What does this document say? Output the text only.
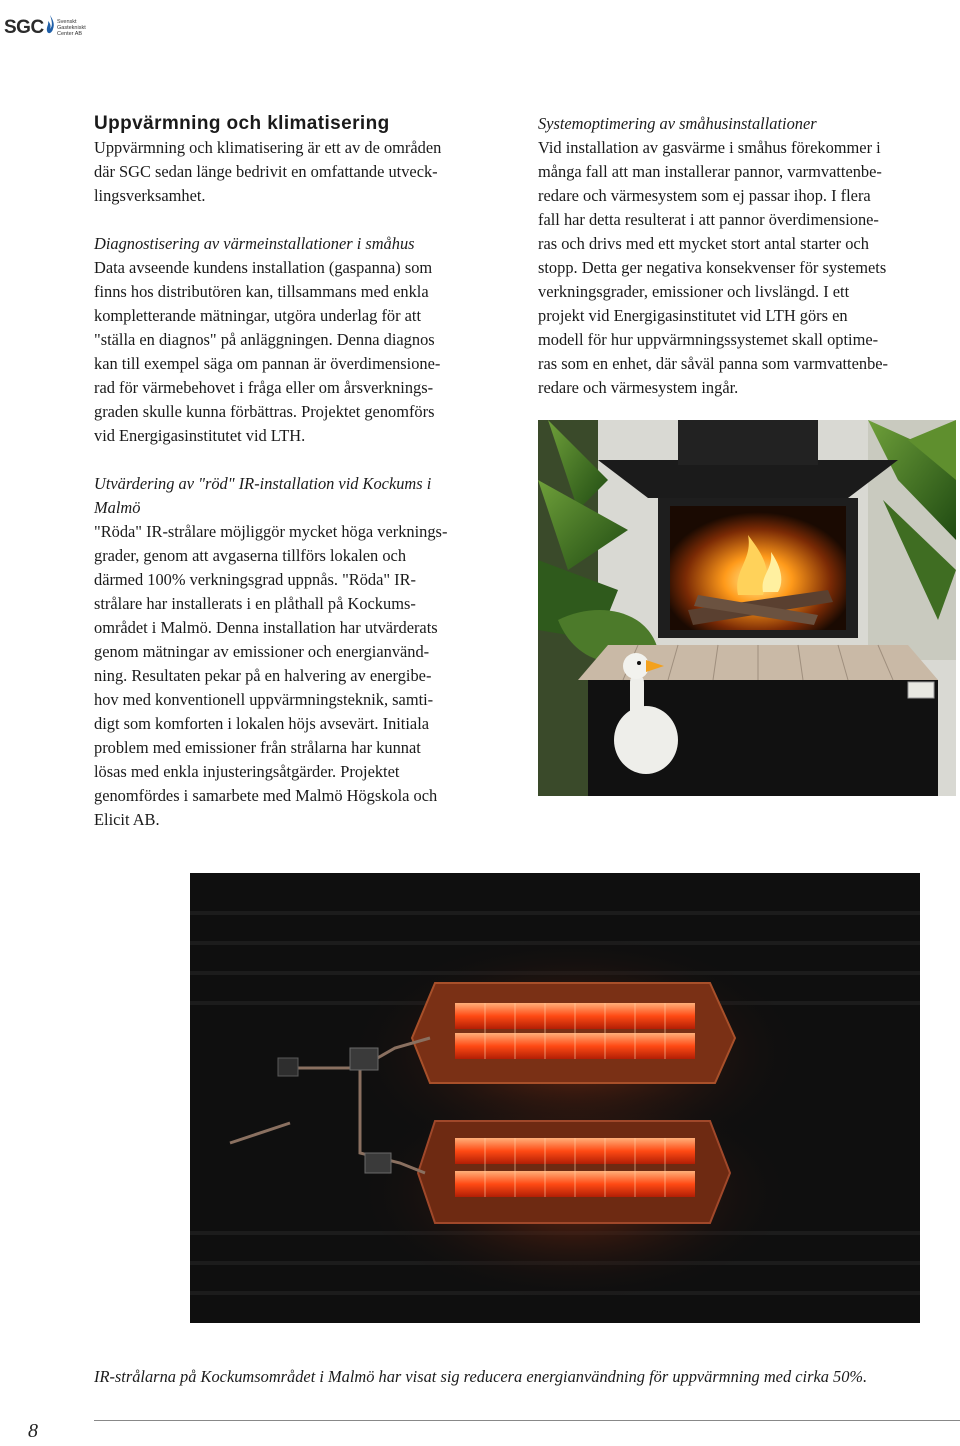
SGC Svenskt
Gastekniskt
Center AB

Uppvärmning och klimatisering

Uppvärmning och klimatisering är ett av de områden

där SGC sedan länge bedrivit en omfattande utveck-

lingsverksamhet.

Diagnostisering av värmeinstallationer i småhus

Data avseende kundens installation (gaspanna) som

finns hos distributören kan, tillsammans med enkla

kompletterande mätningar, utgöra underlag för att

"ställa en diagnos" på anläggningen. Denna diagnos

kan till exempel säga om pannan är överdimensione-

rad för värmebehovet i fråga eller om årsverknings-

graden skulle kunna förbättras. Projektet genomförs

vid Energigasinstitutet vid LTH.

Utvärdering av "röd" IR-installation vid Kockums i

Malmö

"Röda" IR-strålare möjliggör mycket höga verknings-

grader, genom att avgaserna tillförs lokalen och

därmed 100% verkningsgrad uppnås. "Röda" IR-

strålare har installerats i en plåthall på Kockums-

området i Malmö. Denna installation har utvärderats

genom mätningar av emissioner och energianvänd-

ning. Resultaten pekar på en halvering av energibe-

hov med konventionell uppvärmningsteknik, samti-

digt som komforten i lokalen höjs avsevärt. Initiala

problem med emissioner från strålarna har kunnat

lösas med enkla injusteringsåtgärder. Projektet

genomfördes i samarbete med Malmö Högskola och

Elicit AB.

Systemoptimering av småhusinstallationer

Vid installation av gasvärme i småhus förekommer i

många fall att man installerar pannor, varmvattenbe-

redare och värmesystem som ej passar ihop. I flera

fall har detta resulterat i att pannor överdimensione-

ras och drivs med ett mycket stort antal starter och

stopp. Detta ger negativa konsekvenser för systemets

verkningsgrader, emissioner och livslängd. I ett

projekt vid Energigasinstitutet vid LTH görs en

modell för hur uppvärmningssystemet skall optime-

ras som en enhet, där såväl panna som varmvattenbe-

redare och värmesystem ingår.

IR-strålarna på Kockumsområdet i Malmö har visat sig reducera energianvändning för uppvärmning med cirka 50%.
8
